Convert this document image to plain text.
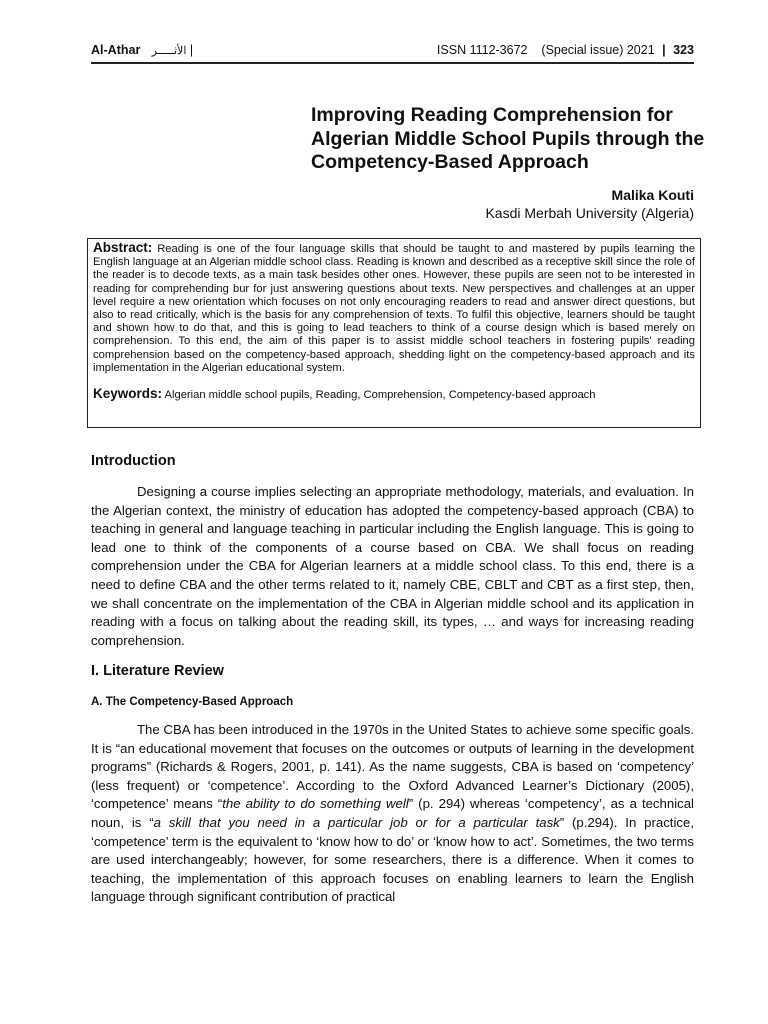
Al-Athar الأثـــــر |	ISSN 1112-3672 (Special issue) 2021 | 323
Improving Reading Comprehension for Algerian Middle School Pupils through the Competency-Based Approach
Malika Kouti
Kasdi Merbah University (Algeria)

Abstract: Reading is one of the four language skills that should be taught to and mastered by pupils learning the English language at an Algerian middle school class. Reading is known and described as a receptive skill since the role of the reader is to decode texts, as a main task besides other ones. However, these pupils are seen not to be interested in reading for comprehending bur for just answering questions about texts. New perspectives and challenges at an upper level require a new orientation which focuses on not only encouraging readers to read and answer direct questions, but also to read critically, which is the basis for any comprehension of texts. To fulfil this objective, learners should be taught and shown how to do that, and this is going to lead teachers to think of a course design which is based merely on comprehension. To this end, the aim of this paper is to assist middle school teachers in fostering pupils' reading comprehension based on the competency-based approach, shedding light on the competency-based approach and its implementation in the Algerian educational system.

Keywords: Algerian middle school pupils, Reading, Comprehension, Competency-based approach

Introduction

Designing a course implies selecting an appropriate methodology, materials, and evaluation. In the Algerian context, the ministry of education has adopted the competency-based approach (CBA) to teaching in general and language teaching in particular including the English language. This is going to lead one to think of the components of a course based on CBA. We shall focus on reading comprehension under the CBA for Algerian learners at a middle school class. To this end, there is a need to define CBA and the other terms related to it, namely CBE, CBLT and CBT as a first step, then, we shall concentrate on the implementation of the CBA in Algerian middle school and its application in reading with a focus on talking about the reading skill, its types, … and ways for increasing reading comprehension.

I. Literature Review
A. The Competency-Based Approach

The CBA has been introduced in the 1970s in the United States to achieve some specific goals. It is “an educational movement that focuses on the outcomes or outputs of learning in the development programs” (Richards & Rogers, 2001, p. 141). As the name suggests, CBA is based on ‘competency’ (less frequent) or ‘competence’. According to the Oxford Advanced Learner’s Dictionary (2005), ‘competence’ means “the ability to do something well” (p. 294) whereas ‘competency’, as a technical noun, is “a skill that you need in a particular job or for a particular task” (p.294). In practice, ‘competence’ term is the equivalent to ‘know how to do’ or ‘know how to act’. Sometimes, the two terms are used interchangeably; however, for some researchers, there is a difference. When it comes to teaching, the implementation of this approach focuses on enabling learners to learn the English language through significant contribution of practical
